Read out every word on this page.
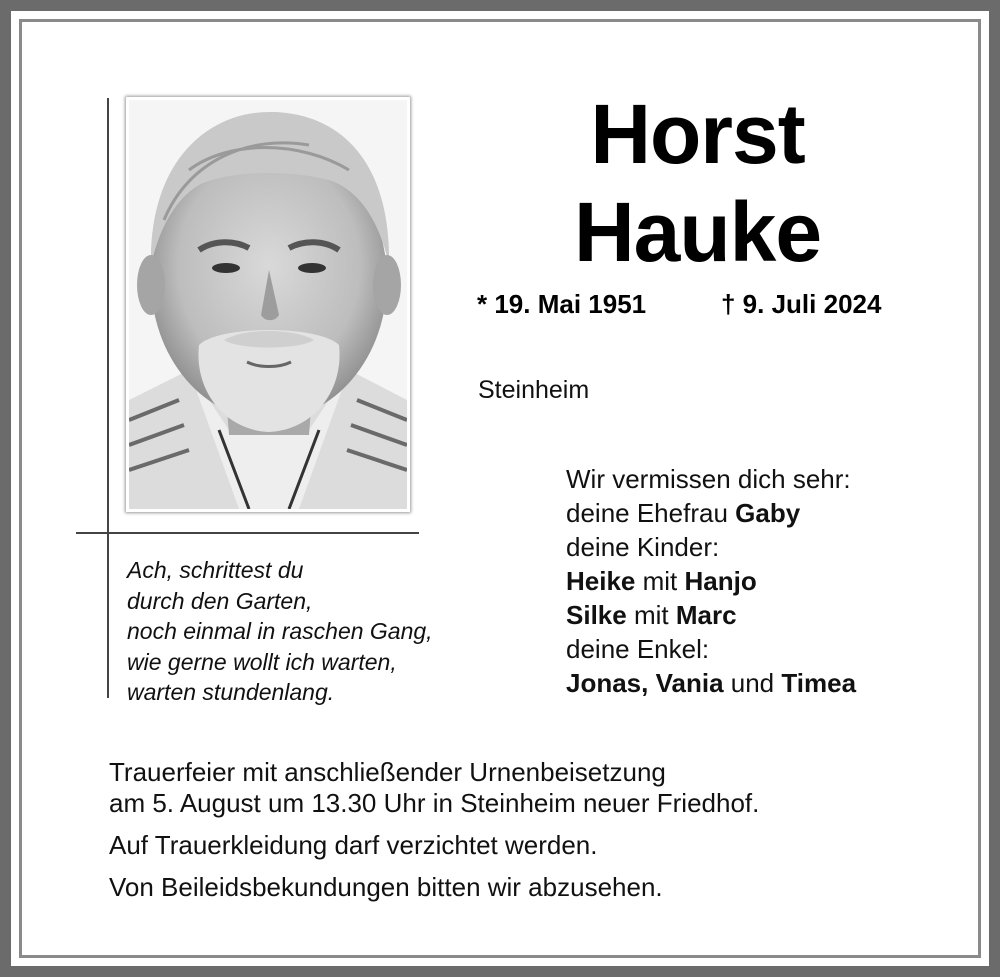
Horst
Hauke
* 19. Mai 1951	† 9. Juli 2024
Steinheim
Wir vermissen dich sehr:
deine Ehefrau Gaby
deine Kinder:
Heike mit Hanjo
Silke mit Marc
deine Enkel:
Jonas, Vania und Timea
Ach, schrittest du
durch den Garten,
noch einmal in raschen Gang,
wie gerne wollt ich warten,
warten stundenlang.
Trauerfeier mit anschließender Urnenbeisetzung
am 5. August um 13.30 Uhr in Steinheim neuer Friedhof.
Auf Trauerkleidung darf verzichtet werden.
Von Beileidsbekundungen bitten wir abzusehen.
